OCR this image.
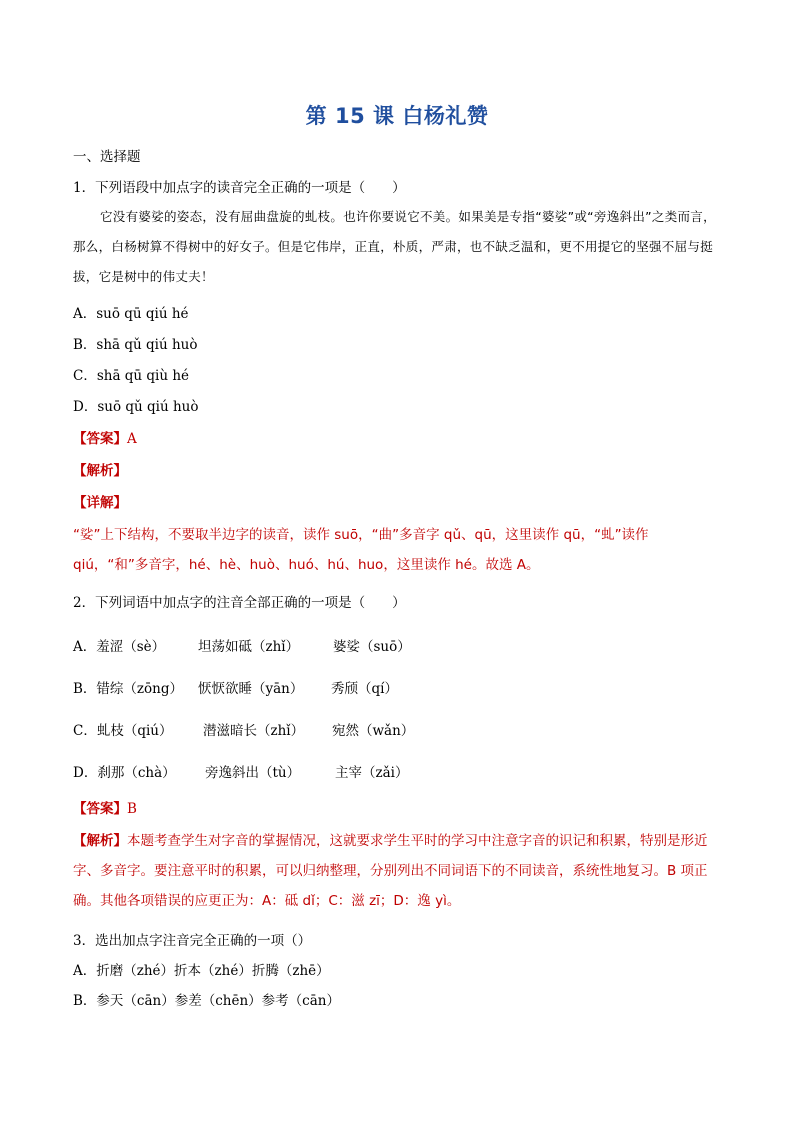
第 15 课 白杨礼赞
一、选择题
1．下列语段中加点字的读音完全正确的一项是（　　）
它没有婆娑的姿态，没有屈曲盘旋的虬枝。也许你要说它不美。如果美是专指“婆娑”或“旁逸斜出”之类而言，那么，白杨树算不得树中的好女子。但是它伟岸，正直，朴质，严肃，也不缺乏温和，更不用提它的坚强不屈与挺拔，它是树中的伟丈夫！
A．suō qū qiú hé
B．shā qǔ qiú huò
C．shā qū qiù hé
D．suō qǔ qiú huò
【答案】A
【解析】
【详解】
“娑”上下结构，不要取半边字的读音，读作 suō，“曲”多音字 qǔ、qū，这里读作 qū，“虬”读作 qiú，“和”多音字，hé、hè、huò、huó、hú、huo，这里读作 hé。故选 A。
2．下列词语中加点字的注音全部正确的一项是（　　）
A．羞涩（sè） 坦荡如砥（zhǐ）	婆娑（suō）
B．错综（zōng） 恹恹欲睡（yān） 秀颀（qí）
C．虬枝（qiú） 潜滋暗长（zhǐ） 宛然（wǎn）
D．刹那（chà） 旁逸斜出（tù）	主宰（zǎi）
【答案】B
【解析】本题考查学生对字音的掌握情况，这就要求学生平时的学习中注意字音的识记和积累，特别是形近字、多音字。要注意平时的积累，可以归纳整理，分别列出不同词语下的不同读音，系统性地复习。B 项正确。其他各项错误的应更正为：A：砥 dǐ；C：滋 zī；D：逸 yì。
3．选出加点字注音完全正确的一项（）
A．折磨（zhé）折本（zhé）折腾（zhē）
B．参天（cān）参差（chēn）参考（cān）
